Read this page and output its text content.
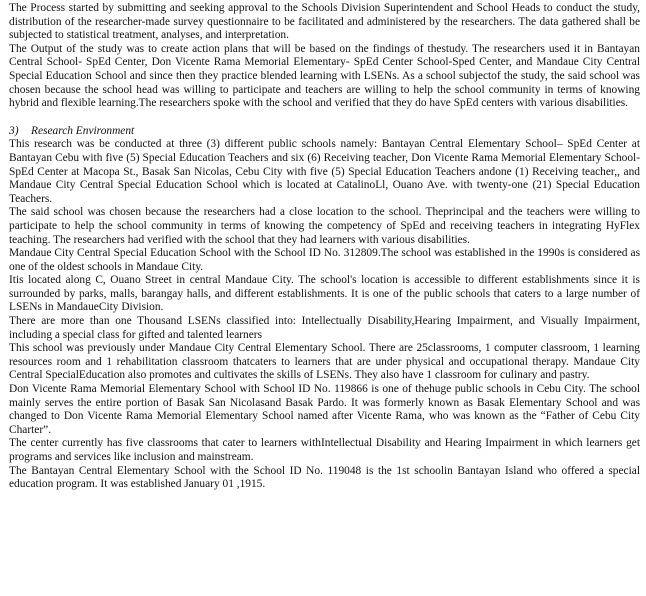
The Process started by submitting and seeking approval to the Schools Division Superintendent and School Heads to conduct the study, distribution of the researcher-made survey questionnaire to be facilitated and administered by the researchers. The data gathered shall be subjected to statistical treatment, analyses, and interpretation.

The Output of the study was to create action plans that will be based on the findings of thestudy. The researchers used it in Bantayan Central School- SpEd Center, Don Vicente Rama Memorial Elementary- SpEd Center School-Sped Center, and Mandaue City Central Special Education School and since then they practice blended learning with LSENs. As a school subjectof the study, the said school was chosen because the school head was willing to participate and teachers are willing to help the school community in terms of knowing hybrid and flexible learning.The researchers spoke with the school and verified that they do have SpEd centers with various disabilities.

3) Research Environment

This research was be conducted at three (3) different public schools namely: Bantayan Central Elementary School– SpEd Center at Bantayan Cebu with five (5) Special Education Teachers and six (6) Receiving teacher, Don Vicente Rama Memorial Elementary School- SpEd Center at Macopa St., Basak San Nicolas, Cebu City with five (5) Special Education Teachers andone (1) Receiving teacher,, and Mandaue City Central Special Education School which is located at CatalinoLl, Ouano Ave. with twenty-one (21) Special Education Teachers.

The said school was chosen because the researchers had a close location to the school. Theprincipal and the teachers were willing to participate to help the school community in terms of knowing the competency of SpEd and receiving teachers in integrating HyFlex teaching. The researchers had verified with the school that they had learners with various disabilities.

Mandaue City Central Special Education School with the School ID No. 312809.The school was established in the 1990s is considered as one of the oldest schools in Mandaue City.

Itis located along C, Ouano Street in central Mandaue City. The school's location is accessible to different establishments since it is surrounded by parks, malls, barangay halls, and different establishments. It is one of the public schools that caters to a large number of LSENs in MandaueCity Division.

There are more than one Thousand LSENs classified into: Intellectually Disability,Hearing Impairment, and Visually Impairment, including a special class for gifted and talented learners

This school was previously under Mandaue City Central Elementary School. There are 25classrooms, 1 computer classroom, 1 learning resources room and 1 rehabilitation classroom thatcaters to learners that are under physical and occupational therapy. Mandaue City Central SpecialEducation also promotes and cultivates the skills of LSENs. They also have 1 classroom for culinary and pastry.

Don Vicente Rama Memorial Elementary School with School ID No. 119866 is one of thehuge public schools in Cebu City. The school mainly serves the entire portion of Basak San Nicolasand Basak Pardo. It was formerly known as Basak Elementary School and was changed to Don Vicente Rama Memorial Elementary School named after Vicente Rama, who was known as the “Father of Cebu City Charter”.

The center currently has five classrooms that cater to learners withIntellectual Disability and Hearing Impairment in which learners get programs and services like inclusion and mainstream.

The Bantayan Central Elementary School with the School ID No. 119048 is the 1st schoolin Bantayan Island who offered a special education program. It was established January 01 ,1915.
